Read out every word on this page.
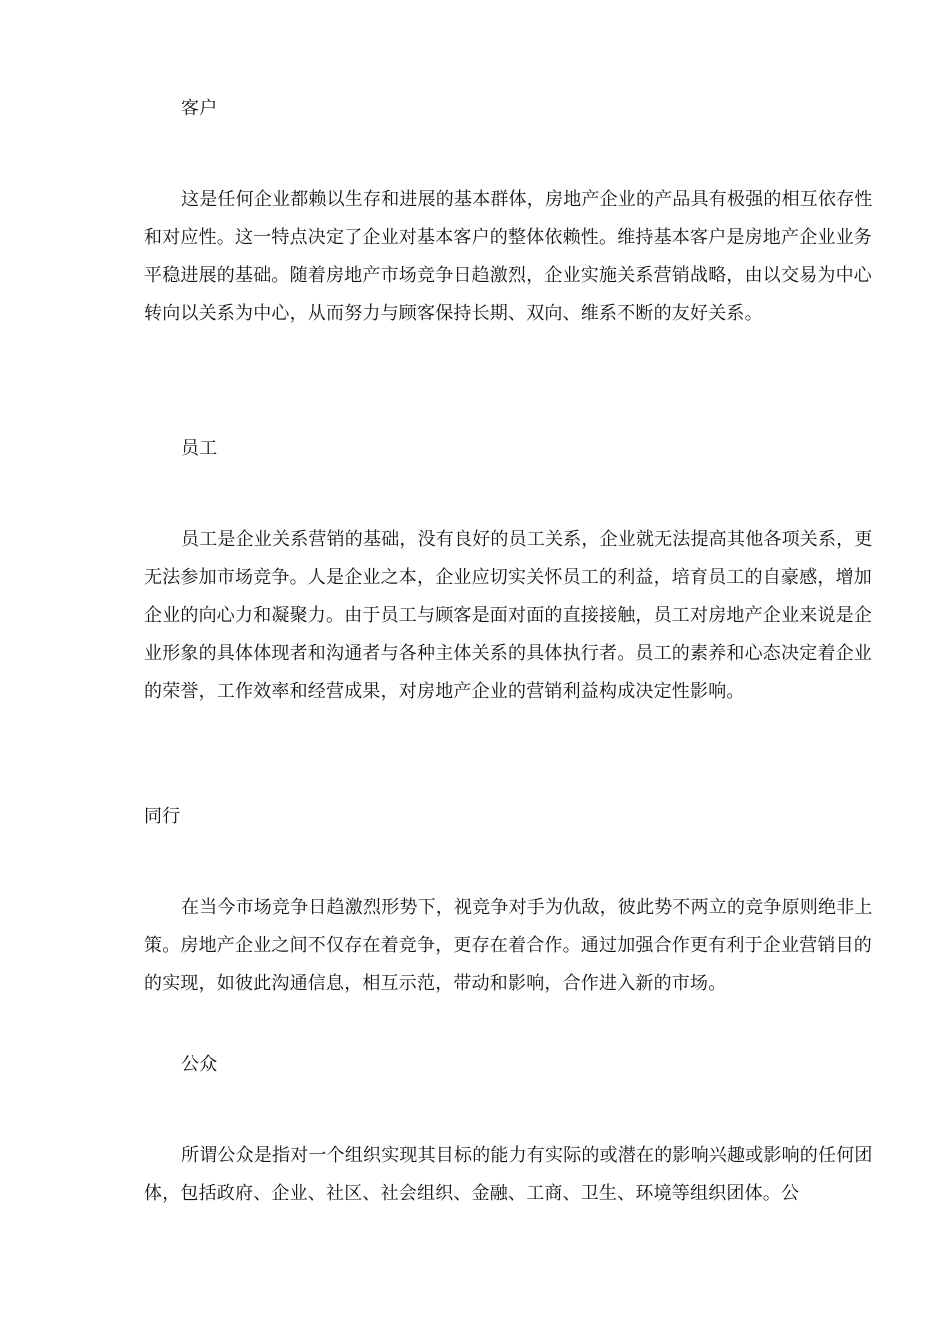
客户

这是任何企业都赖以生存和进展的基本群体，房地产企业的产品具有极强的相互依存性和对应性。这一特点决定了企业对基本客户的整体依赖性。维持基本客户是房地产企业业务平稳进展的基础。随着房地产市场竞争日趋激烈，企业实施关系营销战略，由以交易为中心转向以关系为中心，从而努力与顾客保持长期、双向、维系不断的友好关系。

员工

员工是企业关系营销的基础，没有良好的员工关系，企业就无法提高其他各项关系，更无法参加市场竞争。人是企业之本，企业应切实关怀员工的利益，培育员工的自豪感，增加企业的向心力和凝聚力。由于员工与顾客是面对面的直接接触，员工对房地产企业来说是企业形象的具体体现者和沟通者与各种主体关系的具体执行者。员工的素养和心态决定着企业的荣誉，工作效率和经营成果，对房地产企业的营销利益构成决定性影响。

同行

在当今市场竞争日趋激烈形势下，视竞争对手为仇敌，彼此势不两立的竞争原则绝非上策。房地产企业之间不仅存在着竞争，更存在着合作。通过加强合作更有利于企业营销目的的实现，如彼此沟通信息，相互示范，带动和影响，合作进入新的市场。

公众

所谓公众是指对一个组织实现其目标的能力有实际的或潜在的影响兴趣或影响的任何团体，包括政府、企业、社区、社会组织、金融、工商、卫生、环境等组织团体。公
